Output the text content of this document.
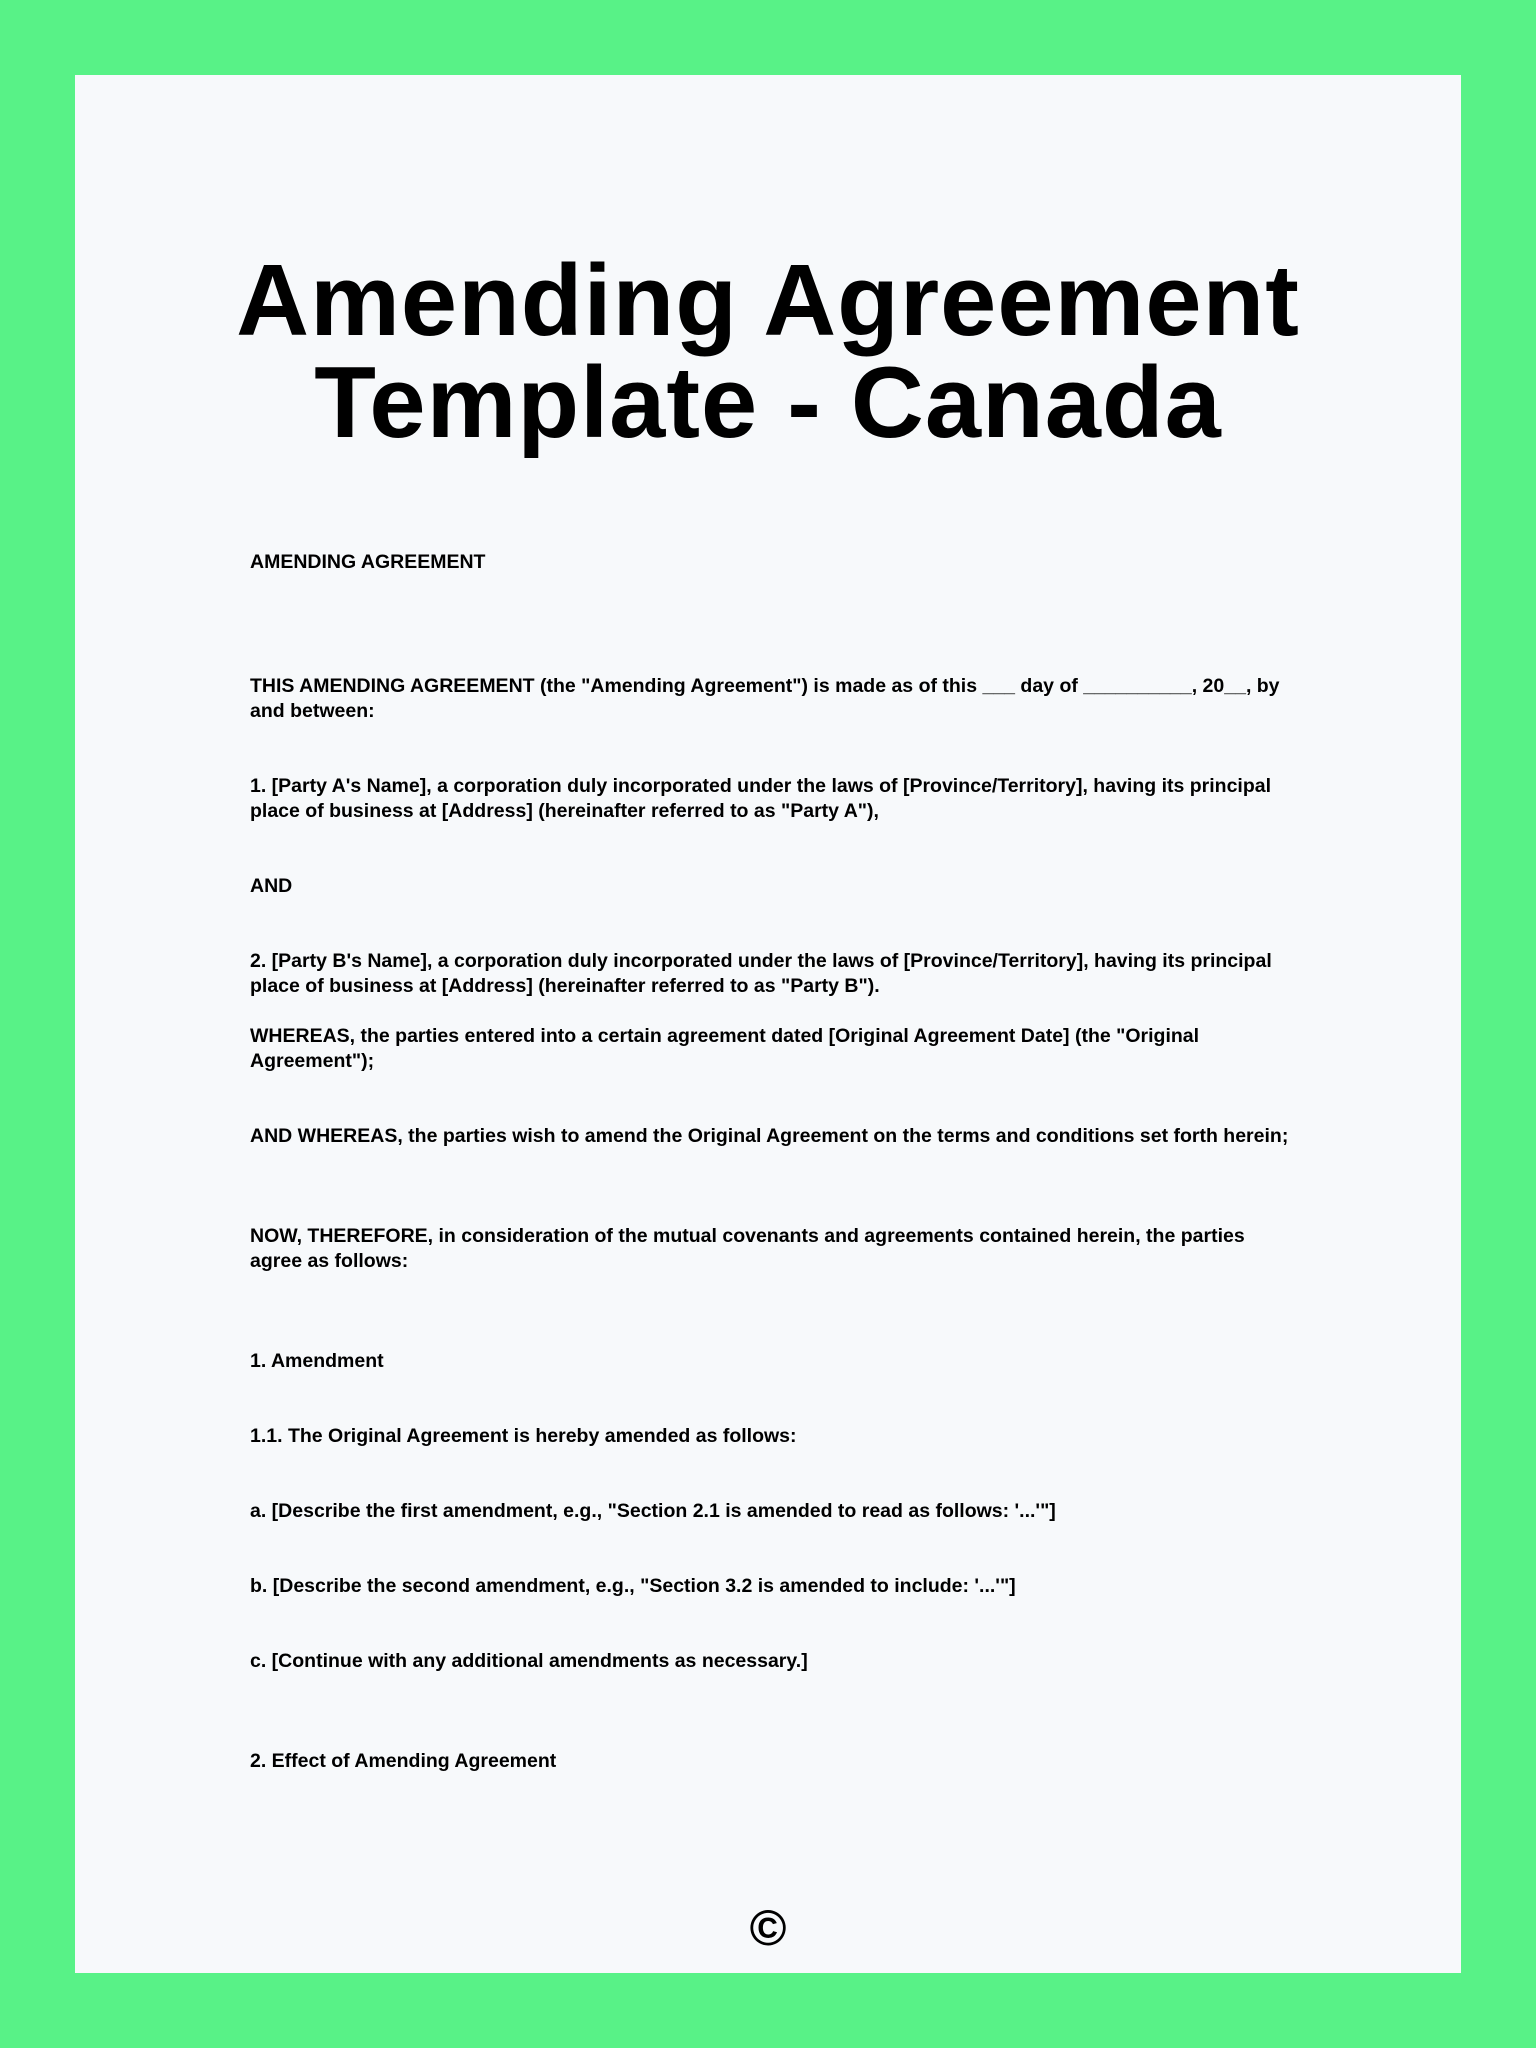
Amending Agreement
Template - Canada

AMENDING AGREEMENT

THIS AMENDING AGREEMENT (the "Amending Agreement") is made as of this ___ day of __________, 20__, by and between:

1. [Party A's Name], a corporation duly incorporated under the laws of [Province/Territory], having its principal place of business at [Address] (hereinafter referred to as "Party A"),

AND

2. [Party B's Name], a corporation duly incorporated under the laws of [Province/Territory], having its principal place of business at [Address] (hereinafter referred to as "Party B").

WHEREAS, the parties entered into a certain agreement dated [Original Agreement Date] (the "Original Agreement");

AND WHEREAS, the parties wish to amend the Original Agreement on the terms and conditions set forth herein;

NOW, THEREFORE, in consideration of the mutual covenants and agreements contained herein, the parties agree as follows:

1. Amendment

1.1. The Original Agreement is hereby amended as follows:

a. [Describe the first amendment, e.g., "Section 2.1 is amended to read as follows: '...'"]

b. [Describe the second amendment, e.g., "Section 3.2 is amended to include: '...'"]

c. [Continue with any additional amendments as necessary.]

2. Effect of Amending Agreement

©
